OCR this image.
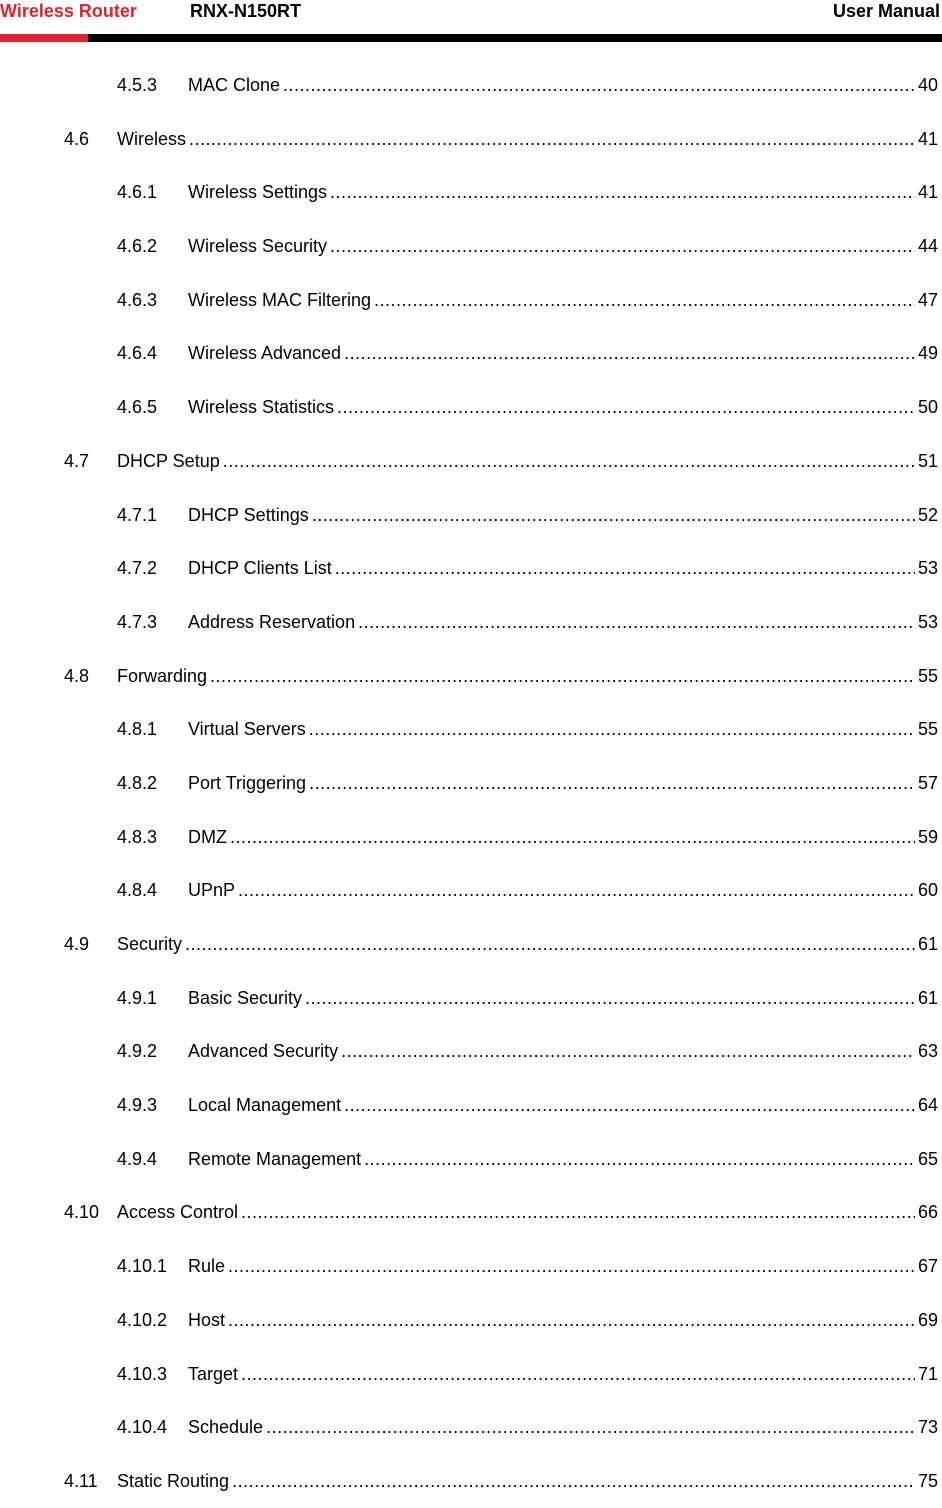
Wireless Router	RNX-N150RT	User Manual
4.5.3	MAC Clone .....	40
4.6	Wireless .....	41
4.6.1	Wireless Settings .....	41
4.6.2	Wireless Security .....	44
4.6.3	Wireless MAC Filtering .....	47
4.6.4	Wireless Advanced .....	49
4.6.5	Wireless Statistics .....	50
4.7	DHCP Setup .....	51
4.7.1	DHCP Settings .....	52
4.7.2	DHCP Clients List .....	53
4.7.3	Address Reservation .....	53
4.8	Forwarding .....	55
4.8.1	Virtual Servers .....	55
4.8.2	Port Triggering .....	57
4.8.3	DMZ .....	59
4.8.4	UPnP .....	60
4.9	Security .....	61
4.9.1	Basic Security .....	61
4.9.2	Advanced Security .....	63
4.9.3	Local Management .....	64
4.9.4	Remote Management .....	65
4.10 Access Control .....	66
4.10.1	Rule .....	67
4.10.2	Host .....	69
4.10.3	Target .....	71
4.10.4	Schedule .....	73
4.11	Static Routing .....	75
